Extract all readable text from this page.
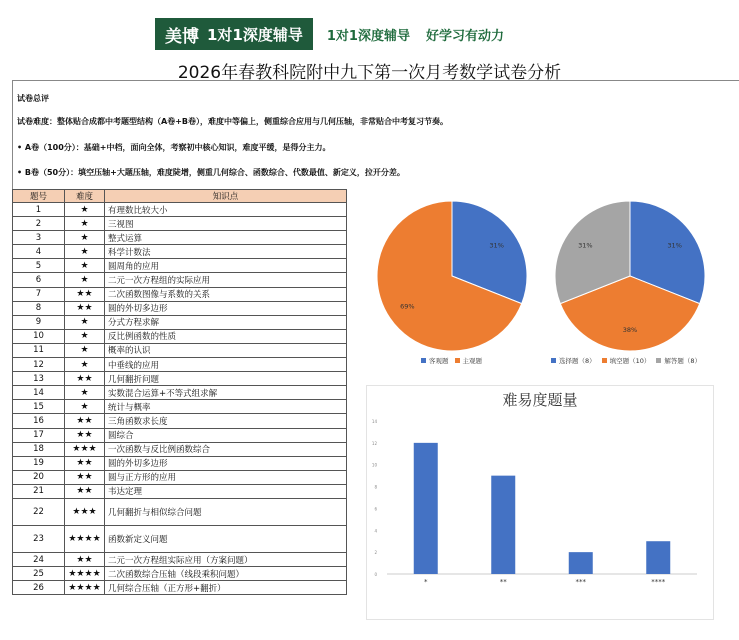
美博 1对1深度辅导 1对1深度辅导 好学习有动力
2026年春教科院附中九下第一次月考数学试卷分析

试卷总评

试卷难度：整体贴合成都中考题型结构（A卷+B卷），难度中等偏上，侧重综合应用与几何压轴，非常贴合中考复习节奏。

• A卷（100分）：基础+中档，面向全体，考察初中核心知识，难度平缓，是得分主力。

• B卷（50分）：填空压轴+大题压轴，难度陡增，侧重几何综合、函数综合、代数最值、新定义，拉开分差。

题号	难度	知识点
1	★	有理数比较大小
2	★	三视图
3	★	整式运算
4	★	科学计数法
5	★	圆周角的应用
6	★	二元一次方程组的实际应用
7	★★	二次函数图像与系数的关系
8	★★	圆的外切多边形
9	★	分式方程求解
10	★	反比例函数的性质
11	★	概率的认识
12	★	中垂线的应用
13	★★	几何翻折问题
14	★	实数混合运算+不等式组求解
15	★	统计与概率
16	★★	三角函数求长度
17	★★	圆综合
18	★★★	一次函数与反比例函数综合
19	★★	圆的外切多边形
20	★★	圆与正方形的应用
21	★★	韦达定理
22	★★★	几何翻折与相似综合问题
23	★★★★	函数新定义问题
24	★★	二元一次方程组实际应用（方案问题）
25	★★★★	二次函数综合压轴（线段乘积问题）
26	★★★★	几何综合压轴（正方形+翻折）
31%
69%
客观题 主观题
31%
38%
31%
选择题（8） 填空题（10） 解答题（8）
难易度题量
0
2
4
6
8
10
12
14
*	**	***	****
